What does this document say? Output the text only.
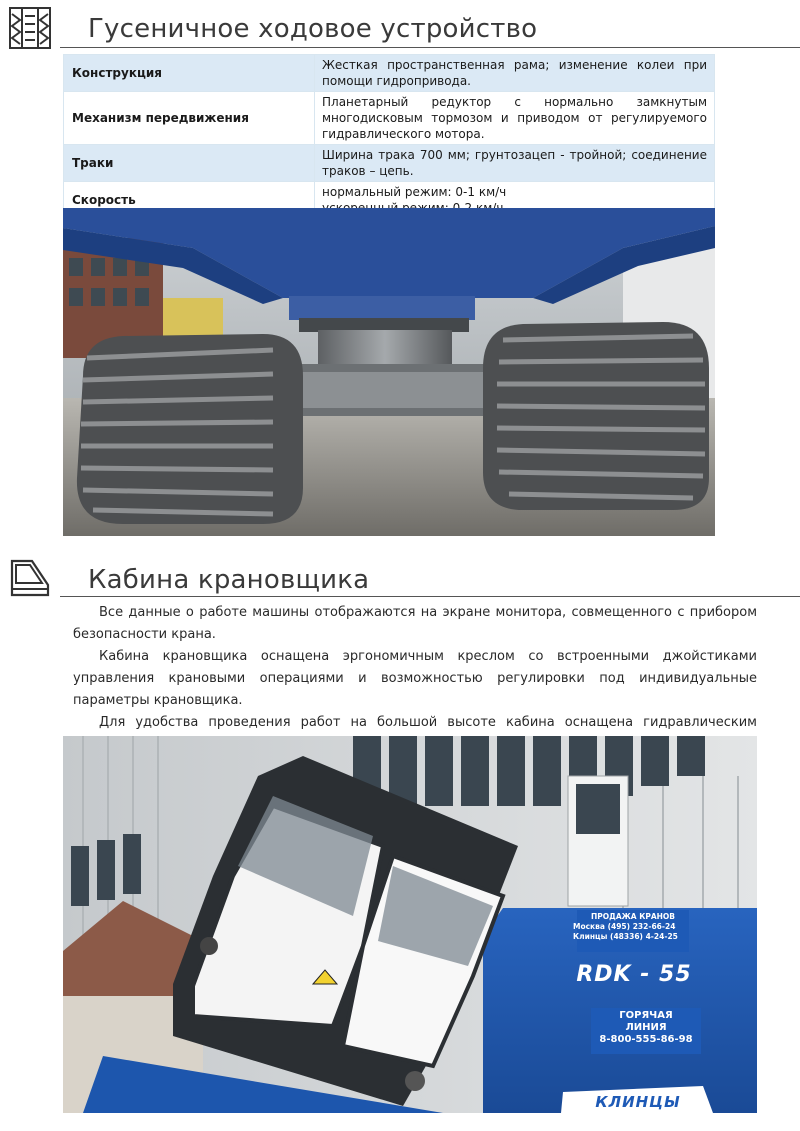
Гусеничное ходовое устройство
Конструкция	Жесткая пространственная рама; изменение колеи при помощи гидропривода.
Механизм передвижения	Планетарный редуктор с нормально замкнутым многодисковым тормозом и приводом от регулируемого гидравлического мотора.
Траки	Ширина трака 700 мм; грунтозацеп - тройной; соединение траков – цепь.
Скорость	нормальный режим: 0-1 км/ч
Кабина крановщика

Все данные о работе машины отображаются на экране монитора, совмещенного с прибором безопасности крана.

Кабина крановщика оснащена эргономичным креслом со встроенными джойстиками управления крановыми операциями и возможностью регулировки под индивидуальные параметры крановщика.

Для удобства проведения работ на большой высоте кабина оснащена гидравлическим

ПРОДАЖА КРАНОВ
Москва (495) 232-66-24
Клинцы (48336) 4-24-25
RDK - 55
ГОРЯЧАЯ
ЛИНИЯ
8-800-555-86-98
КЛИНЦЫ
